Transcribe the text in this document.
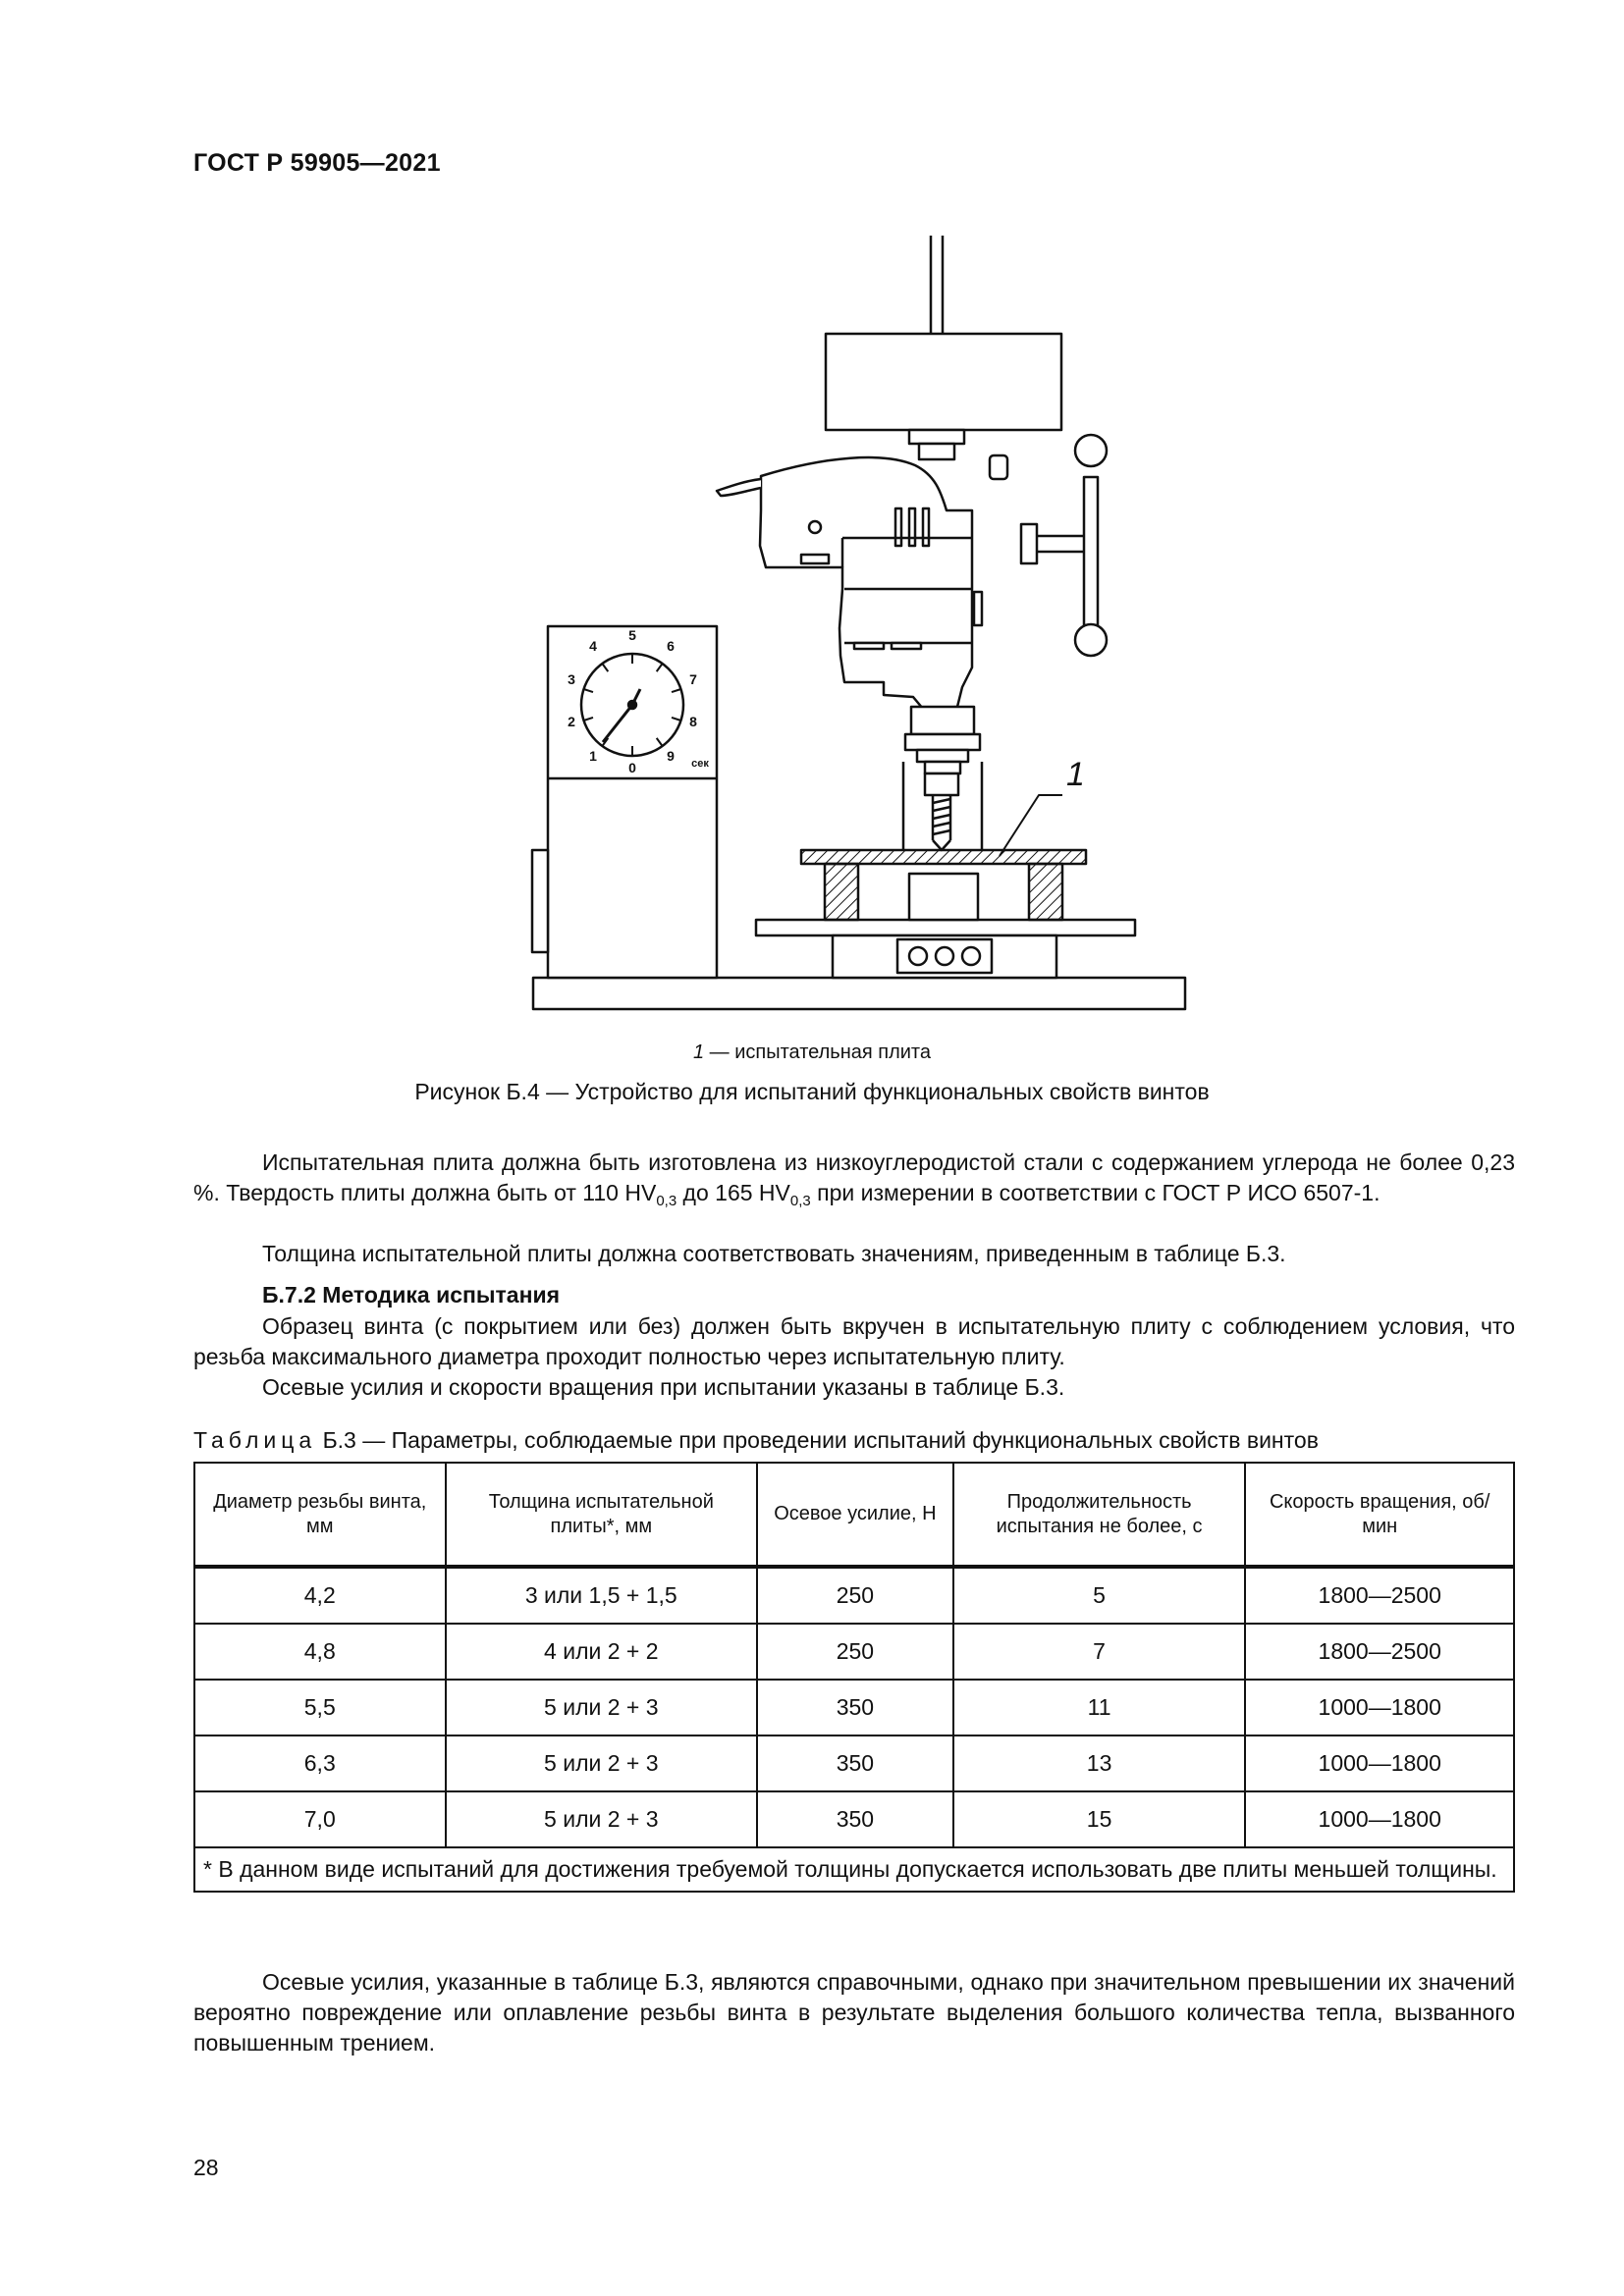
ГОСТ Р 59905—2021
0
1
2
3
4
5
6
7
8
9 сек	1
1 — испытательная плита
Рисунок Б.4 — Устройство для испытаний функциональных свойств винтов
Испытательная плита должна быть изготовлена из низкоуглеродистой стали с содержанием углерода не более 0,23 %. Твердость плиты должна быть от 110 $HV_{0,3}$ до 165 $HV_{0,3}$ при измерении в соответствии с ГОСТ Р ИСО 6507-1.
Толщина испытательной плиты должна соответствовать значениям, приведенным в таблице Б.3.
Б.7.2 Методика испытания
Образец винта (с покрытием или без) должен быть вкручен в испытательную плиту с соблюдением условия, что резьба максимального диаметра проходит полностью через испытательную плиту.
Осевые усилия и скорости вращения при испытании указаны в таблице Б.3.
Таблица Б.3 — Параметры, соблюдаемые при проведении испытаний функциональных свойств винтов
Диаметр резьбы винта, мм	Толщина испытательной плиты*, мм	Осевое усилие, Н	Продолжительность испытания не более, с	Скорость вращения, об/мин
4,2	3 или 1,5 + 1,5	250	5	1800—2500
4,8	4 или 2 + 2	250	7	1800—2500
5,5	5 или 2 + 3	350	11	1000—1800
6,3	5 или 2 + 3	350	13	1000—1800
7,0	5 или 2 + 3	350	15	1000—1800
* В данном виде испытаний для достижения требуемой толщины допускается использовать две плиты меньшей толщины.				
Осевые усилия, указанные в таблице Б.3, являются справочными, однако при значительном превышении их значений вероятно повреждение или оплавление резьбы винта в результате выделения большого количества тепла, вызванного повышенным трением.
28
